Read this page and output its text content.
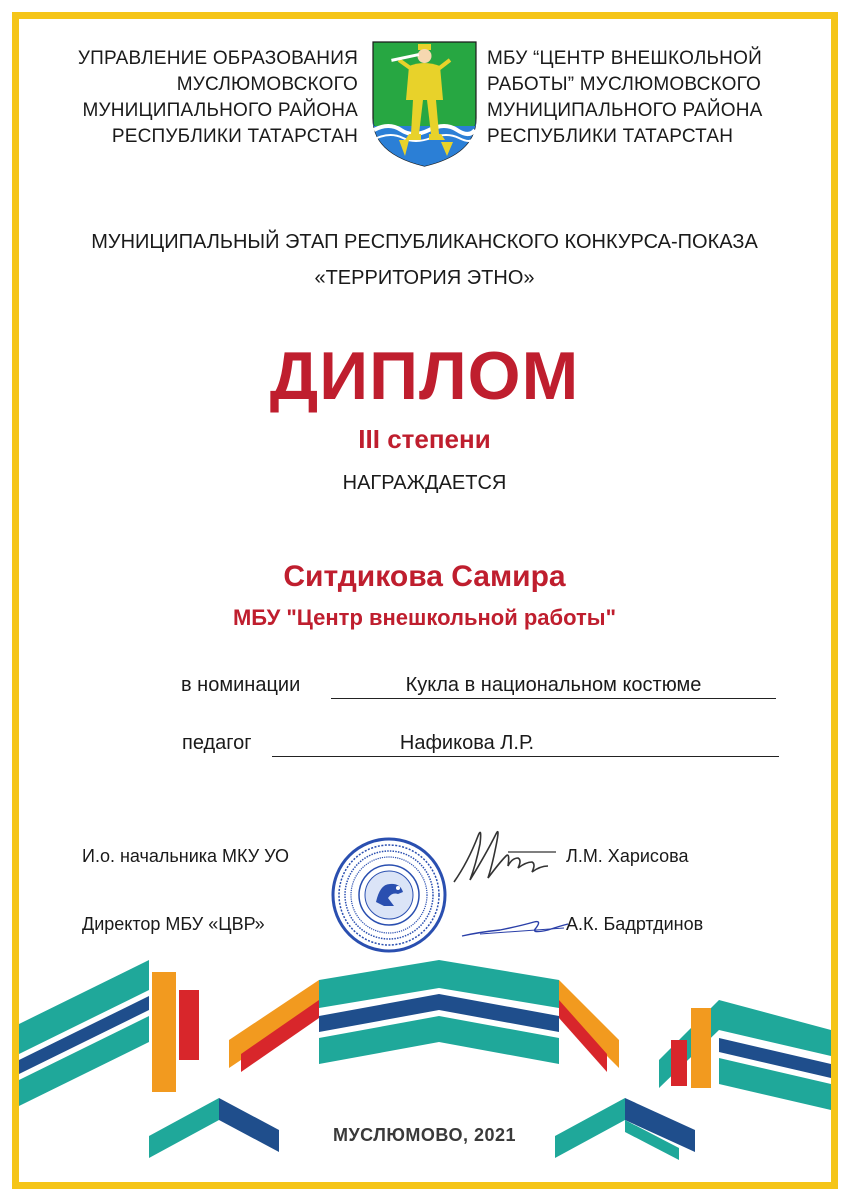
УПРАВЛЕНИЕ ОБРАЗОВАНИЯ
МУСЛЮМОВСКОГО
МУНИЦИПАЛЬНОГО РАЙОНА
РЕСПУБЛИКИ ТАТАРСТАН
МБУ “ЦЕНТР ВНЕШКОЛЬНОЙ
РАБОТЫ” МУСЛЮМОВСКОГО
МУНИЦИПАЛЬНОГО РАЙОНА
РЕСПУБЛИКИ ТАТАРСТАН
МУНИЦИПАЛЬНЫЙ ЭТАП РЕСПУБЛИКАНСКОГО КОНКУРСА-ПОКАЗА
«ТЕРРИТОРИЯ ЭТНО»
ДИПЛОМ
III степени
НАГРАЖДАЕТСЯ
Ситдикова Самира
МБУ "Центр внешкольной работы"
в номинации	Кукла в национальном костюме
педагог	Нафикова Л.Р.
И.о. начальника МКУ УО
Директор МБУ «ЦВР»
Л.М. Харисова
А.К. Бадртдинов
МУСЛЮМОВО, 2021
